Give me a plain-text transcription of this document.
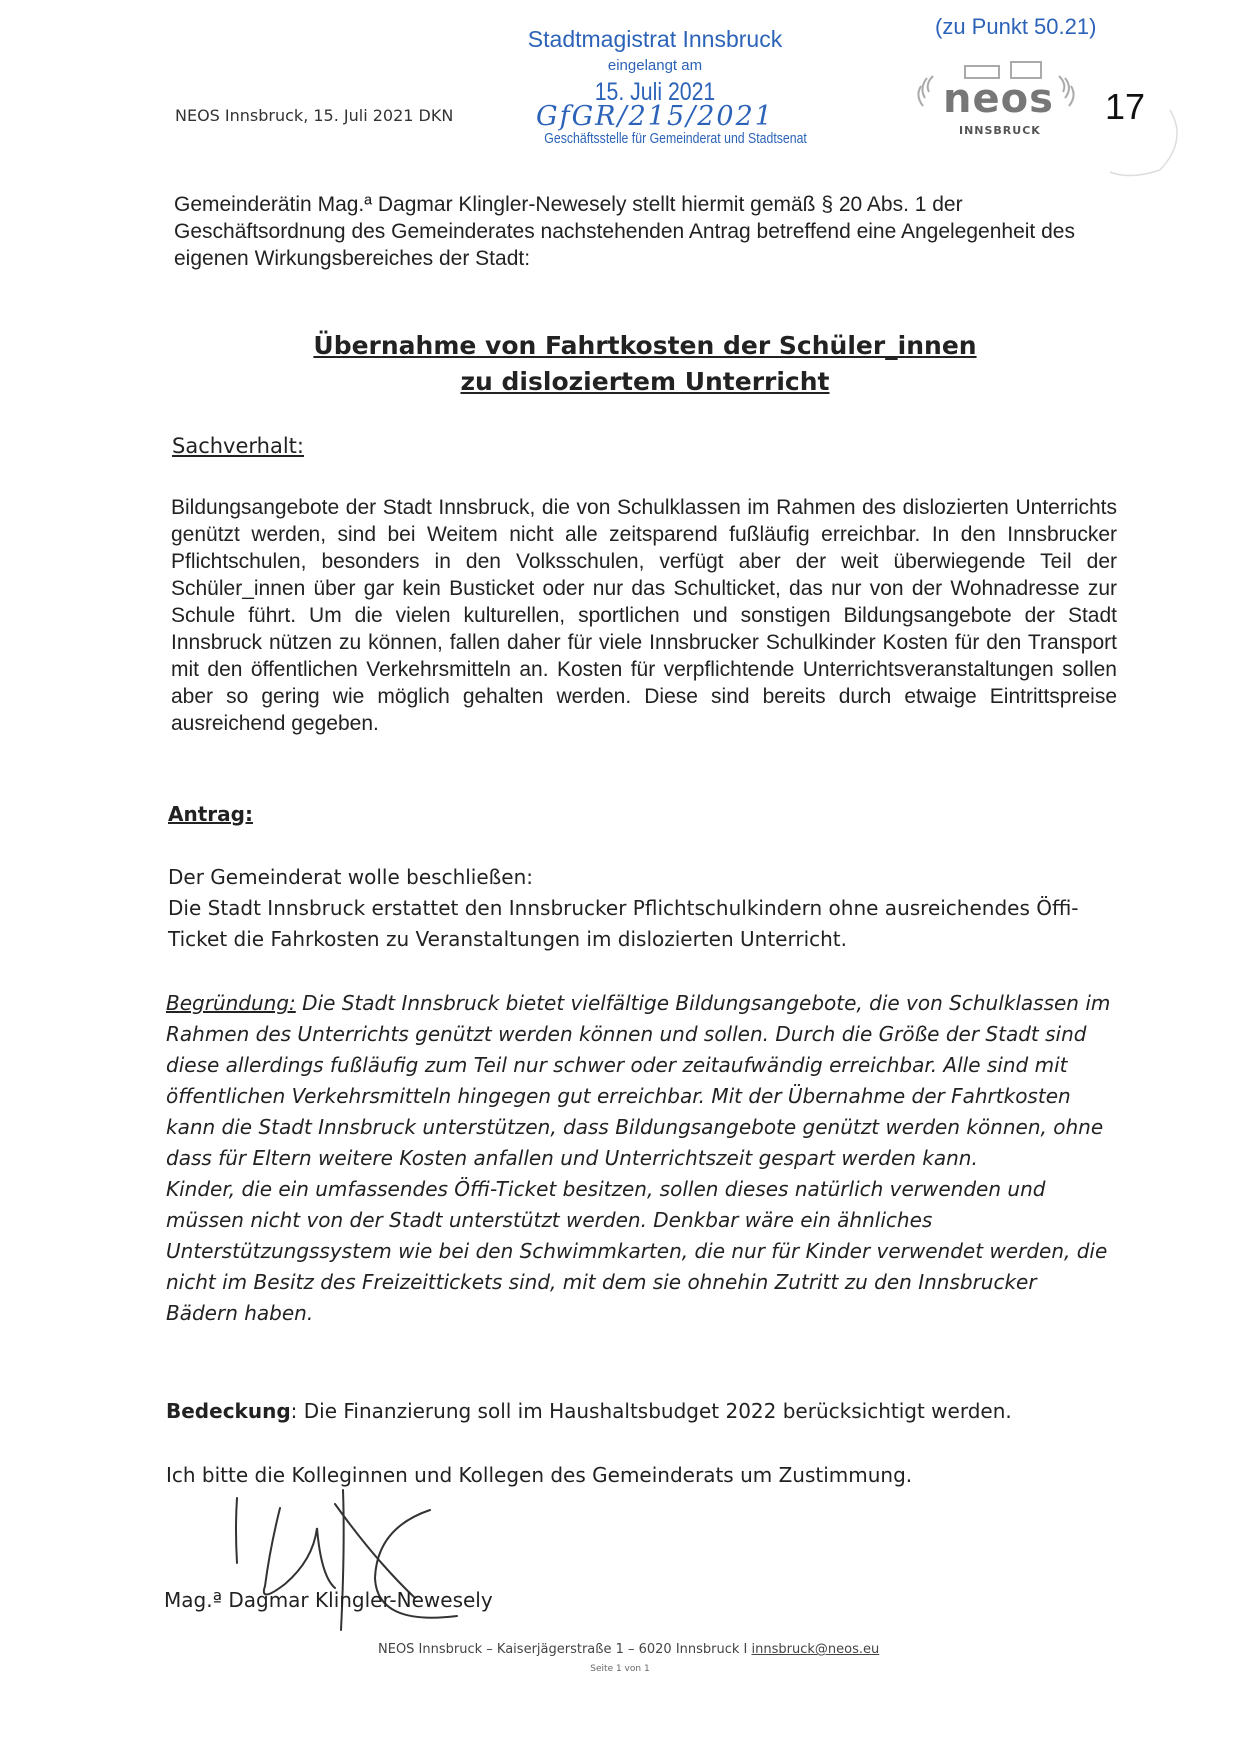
NEOS Innsbruck, 15. Juli 2021 DKN
Stadtmagistrat Innsbruck
eingelangt am
15. Juli 2021
GfGR/215/2021
Geschäftsstelle für Gemeinderat und Stadtsenat
(zu Punkt 50.21)
neos
INNSBRUCK
17
Gemeinderätin Mag.ª Dagmar Klingler-Newesely stellt hiermit gemäß § 20 Abs. 1 der Geschäftsordnung des Gemeinderates nachstehenden Antrag betreffend eine Angelegenheit des eigenen Wirkungsbereiches der Stadt:
Übernahme von Fahrtkosten der Schüler_innen
zu disloziertem Unterricht
Sachverhalt:
Bildungsangebote der Stadt Innsbruck, die von Schulklassen im Rahmen des dislozierten Unterrichts genützt werden, sind bei Weitem nicht alle zeitsparend fußläufig erreichbar. In den Innsbrucker Pflichtschulen, besonders in den Volksschulen, verfügt aber der weit überwiegende Teil der Schüler_innen über gar kein Busticket oder nur das Schulticket, das nur von der Wohnadresse zur Schule führt. Um die vielen kulturellen, sportlichen und sonstigen Bildungsangebote der Stadt Innsbruck nützen zu können, fallen daher für viele Innsbrucker Schulkinder Kosten für den Transport mit den öffentlichen Verkehrsmitteln an. Kosten für verpflichtende Unterrichtsveranstaltungen sollen aber so gering wie möglich gehalten werden. Diese sind bereits durch etwaige Eintrittspreise ausreichend gegeben.
Antrag:
Der Gemeinderat wolle beschließen:
Die Stadt Innsbruck erstattet den Innsbrucker Pflichtschulkindern ohne ausreichendes Öffi-Ticket die Fahrkosten zu Veranstaltungen im dislozierten Unterricht.

Begründung: Die Stadt Innsbruck bietet vielfältige Bildungsangebote, die von Schulklassen im Rahmen des Unterrichts genützt werden können und sollen. Durch die Größe der Stadt sind diese allerdings fußläufig zum Teil nur schwer oder zeitaufwändig erreichbar. Alle sind mit öffentlichen Verkehrsmitteln hingegen gut erreichbar. Mit der Übernahme der Fahrtkosten kann die Stadt Innsbruck unterstützen, dass Bildungsangebote genützt werden können, ohne dass für Eltern weitere Kosten anfallen und Unterrichtszeit gespart werden kann.

Kinder, die ein umfassendes Öffi-Ticket besitzen, sollen dieses natürlich verwenden und müssen nicht von der Stadt unterstützt werden. Denkbar wäre ein ähnliches Unterstützungssystem wie bei den Schwimmkarten, die nur für Kinder verwendet werden, die nicht im Besitz des Freizeittickets sind, mit dem sie ohnehin Zutritt zu den Innsbrucker Bädern haben.

Bedeckung: Die Finanzierung soll im Haushaltsbudget 2022 berücksichtigt werden.
Ich bitte die Kolleginnen und Kollegen des Gemeinderats um Zustimmung.
Mag.ª Dagmar Klingler-Newesely
NEOS Innsbruck – Kaiserjägerstraße 1 – 6020 Innsbruck I innsbruck@neos.eu
Seite 1 von 1
